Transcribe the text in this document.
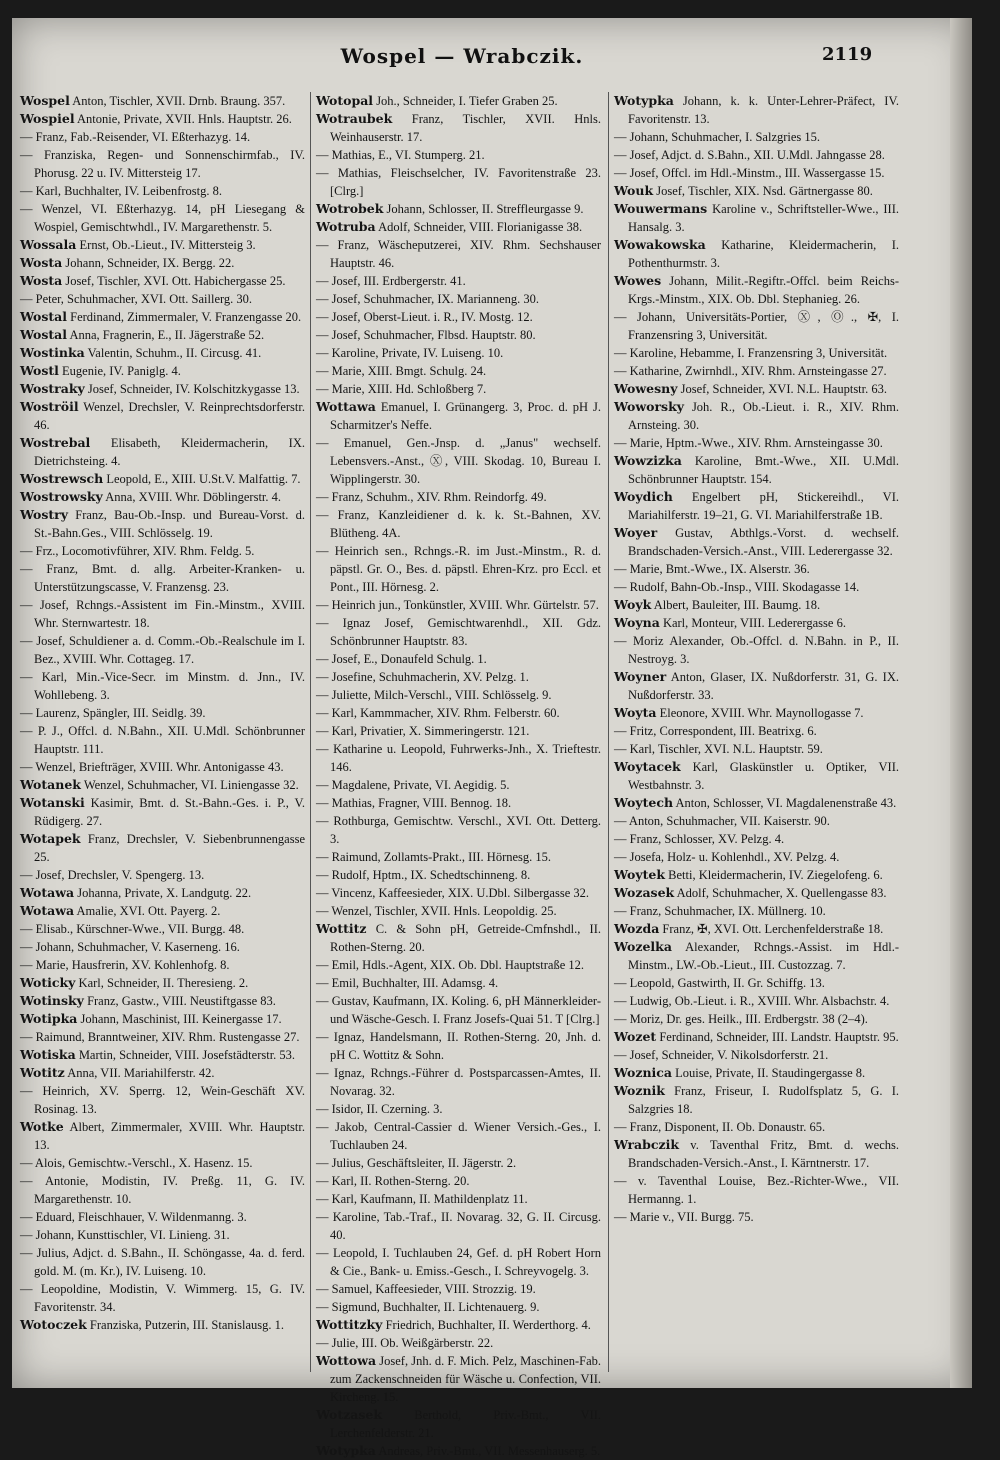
Wospel — Wrabczik.	2119
Wospel Anton, Tischler, XVII. Drnb. Braung. 357.
Wospiel Antonie, Private, XVII. Hnls. Hauptstr. 26.
— Franz, Fab.-Reisender, VI. Eßterhazyg. 14.
— Franziska, Regen- und Sonnenschirmfab., IV. Phorusg. 22 u. IV. Mittersteig 17.
— Karl, Buchhalter, IV. Leibenfrostg. 8.
— Wenzel, VI. Eßterhazyg. 14, pH Liesegang & Wospiel, Gemischtwhdl., IV. Margarethenstr. 5.
Wossala Ernst, Ob.-Lieut., IV. Mittersteig 3.
Wosta Johann, Schneider, IX. Bergg. 22.
Wosta Josef, Tischler, XVI. Ott. Habichergasse 25.
— Peter, Schuhmacher, XVI. Ott. Saillerg. 30.
Wostal Ferdinand, Zimmermaler, V. Franzengasse 20.
Wostal Anna, Fragnerin, E., II. Jägerstraße 52.
Wostinka Valentin, Schuhm., II. Circusg. 41.
Wostl Eugenie, IV. Paniglg. 4.
Wostraky Josef, Schneider, IV. Kolschitzkygasse 13.
Woströil Wenzel, Drechsler, V. Reinprechtsdorferstr. 46.
Wostrebal Elisabeth, Kleidermacherin, IX. Dietrichsteing. 4.
Wostrewsch Leopold, E., XIII. U.St.V. Malfattig. 7.
Wostrowsky Anna, XVIII. Whr. Döblingerstr. 4.
Wostry Franz, Bau-Ob.-Insp. und Bureau-Vorst. d. St.-Bahn.Ges., VIII. Schlösselg. 19.
— Frz., Locomotivführer, XIV. Rhm. Feldg. 5.
— Franz, Bmt. d. allg. Arbeiter-Kranken- u. Unterstützungscasse, V. Franzensg. 23.
— Josef, Rchngs.-Assistent im Fin.-Minstm., XVIII. Whr. Sternwartestr. 18.
— Josef, Schuldiener a. d. Comm.-Ob.-Realschule im I. Bez., XVIII. Whr. Cottageg. 17.
— Karl, Min.-Vice-Secr. im Minstm. d. Jnn., IV. Wohllebeng. 3.
— Laurenz, Spängler, III. Seidlg. 39.
— P. J., Offcl. d. N.Bahn., XII. U.Mdl. Schönbrunner Hauptstr. 111.
— Wenzel, Briefträger, XVIII. Whr. Antonigasse 43.
Wotanek Wenzel, Schuhmacher, VI. Liniengasse 32.
Wotanski Kasimir, Bmt. d. St.-Bahn.-Ges. i. P., V. Rüdigerg. 27.
Wotapek Franz, Drechsler, V. Siebenbrunnengasse 25.
— Josef, Drechsler, V. Spengerg. 13.
Wotawa Johanna, Private, X. Landgutg. 22.
Wotawa Amalie, XVI. Ott. Payerg. 2.
— Elisab., Kürschner-Wwe., VII. Burgg. 48.
— Johann, Schuhmacher, V. Kaserneng. 16.
— Marie, Hausfrerin, XV. Kohlenhofg. 8.
Woticky Karl, Schneider, II. Theresieng. 2.
Wotinsky Franz, Gastw., VIII. Neustiftgasse 83.
Wotipka Johann, Maschinist, III. Keinergasse 17.
— Raimund, Branntweiner, XIV. Rhm. Rustengasse 27.
Wotiska Martin, Schneider, VIII. Josefstädterstr. 53.
Wotitz Anna, VII. Mariahilferstr. 42.
— Heinrich, XV. Sperrg. 12, Wein-Geschäft XV. Rosinag. 13.
Wotke Albert, Zimmermaler, XVIII. Whr. Hauptstr. 13.
— Alois, Gemischtw.-Verschl., X. Hasenz. 15.
— Antonie, Modistin, IV. Preßg. 11, G. IV. Margarethenstr. 10.
— Eduard, Fleischhauer, V. Wildenmanng. 3.
— Johann, Kunsttischler, VI. Linieng. 31.
— Julius, Adjct. d. S.Bahn., II. Schöngasse, 4a. d. ferd. gold. M. (m. Kr.), IV. Luiseng. 10.
— Leopoldine, Modistin, V. Wimmerg. 15, G. IV. Favoritenstr. 34.
Wotoczek Franziska, Putzerin, III. Stanislausg. 1.
Wotopal Joh., Schneider, I. Tiefer Graben 25.
Wotraubek Franz, Tischler, XVII. Hnls. Weinhauserstr. 17.
— Mathias, E., VI. Stumperg. 21.
— Mathias, Fleischselcher, IV. Favoritenstraße 23. [Clrg.]
Wotrobek Johann, Schlosser, II. Streffleurgasse 9.
Wotruba Adolf, Schneider, VIII. Florianigasse 38.
— Franz, Wäscheputzerei, XIV. Rhm. Sechshauser Hauptstr. 46.
— Josef, III. Erdbergerstr. 41.
— Josef, Schuhmacher, IX. Marianneng. 30.
— Josef, Oberst-Lieut. i. R., IV. Mostg. 12.
— Josef, Schuhmacher, Flbsd. Hauptstr. 80.
— Karoline, Private, IV. Luiseng. 10.
— Marie, XIII. Bmgt. Schulg. 24.
— Marie, XIII. Hd. Schloßberg 7.
Wottawa Emanuel, I. Grünangerg. 3, Proc. d. pH J. Scharmitzer's Neffe.
— Emanuel, Gen.-Jnsp. d. „Janus" wechself. Lebensvers.-Anst., Ⓧ, VIII. Skodag. 10, Bureau I. Wipplingerstr. 30.
— Franz, Schuhm., XIV. Rhm. Reindorfg. 49.
— Franz, Kanzleidiener d. k. k. St.-Bahnen, XV. Blütheng. 4A.
— Heinrich sen., Rchngs.-R. im Just.-Minstm., R. d. päpstl. Gr. O., Bes. d. päpstl. Ehren-Krz. pro Eccl. et Pont., III. Hörnesg. 2.
— Heinrich jun., Tonkünstler, XVIII. Whr. Gürtelstr. 57.
— Ignaz Josef, Gemischtwarenhdl., XII. Gdz. Schönbrunner Hauptstr. 83.
— Josef, E., Donaufeld Schulg. 1.
— Josefine, Schuhmacherin, XV. Pelzg. 1.
— Juliette, Milch-Verschl., VIII. Schlösselg. 9.
— Karl, Kammmacher, XIV. Rhm. Felberstr. 60.
— Karl, Privatier, X. Simmeringerstr. 121.
— Katharine u. Leopold, Fuhrwerks-Jnh., X. Trieftestr. 146.
— Magdalene, Private, VI. Aegidig. 5.
— Mathias, Fragner, VIII. Bennog. 18.
— Rothburga, Gemischtw. Verschl., XVI. Ott. Detterg. 3.
— Raimund, Zollamts-Prakt., III. Hörnesg. 15.
— Rudolf, Hptm., IX. Schedtschinneng. 8.
— Vincenz, Kaffeesieder, XIX. U.Dbl. Silbergasse 32.
— Wenzel, Tischler, XVII. Hnls. Leopoldig. 25.
Wottitz C. & Sohn pH, Getreide-Cmfnshdl., II. Rothen-Sterng. 20.
— Emil, Hdls.-Agent, XIX. Ob. Dbl. Hauptstraße 12.
— Emil, Buchhalter, III. Adamsg. 4.
— Gustav, Kaufmann, IX. Koling. 6, pH Männerkleider- und Wäsche-Gesch. I. Franz Josefs-Quai 51. T [Clrg.]
— Ignaz, Handelsmann, II. Rothen-Sterng. 20, Jnh. d. pH C. Wottitz & Sohn.
— Ignaz, Rchngs.-Führer d. Postsparcassen-Amtes, II. Novarag. 32.
— Isidor, II. Czerning. 3.
— Jakob, Central-Cassier d. Wiener Versich.-Ges., I. Tuchlauben 24.
— Julius, Geschäftsleiter, II. Jägerstr. 2.
— Karl, II. Rothen-Sterng. 20.
— Karl, Kaufmann, II. Mathildenplatz 11.
— Karoline, Tab.-Traf., II. Novarag. 32, G. II. Circusg. 40.
— Leopold, I. Tuchlauben 24, Gef. d. pH Robert Horn & Cie., Bank- u. Emiss.-Gesch., I. Schreyvogelg. 3.
— Samuel, Kaffeesieder, VIII. Strozzig. 19.
— Sigmund, Buchhalter, II. Lichtenauerg. 9.
Wottitzky Friedrich, Buchhalter, II. Werderthorg. 4.
— Julie, III. Ob. Weißgärberstr. 22.
Wottowa Josef, Jnh. d. F. Mich. Pelz, Maschinen-Fab. zum Zackenschneiden für Wäsche u. Confection, VII. Kircheng. 15.
Wotzasek Berthold, Priv.-Bmt., VII. Lerchenfelderstr. 21.
Wotypka Andreas, Priv.-Bmt., VII. Messenhauserg. 5.
Wotypka Johann, k. k. Unter-Lehrer-Präfect, IV. Favoritenstr. 13.
— Johann, Schuhmacher, I. Salzgries 15.
— Josef, Adjct. d. S.Bahn., XII. U.Mdl. Jahngasse 28.
— Josef, Offcl. im Hdl.-Minstm., III. Wassergasse 15.
Wouk Josef, Tischler, XIX. Nsd. Gärtnergasse 80.
Wouwermans Karoline v., Schriftsteller-Wwe., III. Hansalg. 3.
Wowakowska Katharine, Kleidermacherin, I. Pothenthurmstr. 3.
Wowes Johann, Milit.-Regiftr.-Offcl. beim Reichs-Krgs.-Minstm., XIX. Ob. Dbl. Stephanieg. 26.
— Johann, Universitäts-Portier, Ⓧ, Ⓞ., ✠, I. Franzensring 3, Universität.
— Karoline, Hebamme, I. Franzensring 3, Universität.
— Katharine, Zwirnhdl., XIV. Rhm. Arnsteingasse 27.
Wowesny Josef, Schneider, XVI. N.L. Hauptstr. 63.
Woworsky Joh. R., Ob.-Lieut. i. R., XIV. Rhm. Arnsteing. 30.
— Marie, Hptm.-Wwe., XIV. Rhm. Arnsteingasse 30.
Wowzizka Karoline, Bmt.-Wwe., XII. U.Mdl. Schönbrunner Hauptstr. 154.
Woydich Engelbert pH, Stickereihdl., VI. Mariahilferstr. 19–21, G. VI. Mariahilferstraße 1B.
Woyer Gustav, Abthlgs.-Vorst. d. wechself. Brandschaden-Versich.-Anst., VIII. Lederergasse 32.
— Marie, Bmt.-Wwe., IX. Alserstr. 36.
— Rudolf, Bahn-Ob.-Insp., VIII. Skodagasse 14.
Woyk Albert, Bauleiter, III. Baumg. 18.
Woyna Karl, Monteur, VIII. Lederergasse 6.
— Moriz Alexander, Ob.-Offcl. d. N.Bahn. in P., II. Nestroyg. 3.
Woyner Anton, Glaser, IX. Nußdorferstr. 31, G. IX. Nußdorferstr. 33.
Woyta Eleonore, XVIII. Whr. Maynollogasse 7.
— Fritz, Correspondent, III. Beatrixg. 6.
— Karl, Tischler, XVI. N.L. Hauptstr. 59.
Woytacek Karl, Glaskünstler u. Optiker, VII. Westbahnstr. 3.
Woytech Anton, Schlosser, VI. Magdalenenstraße 43.
— Anton, Schuhmacher, VII. Kaiserstr. 90.
— Franz, Schlosser, XV. Pelzg. 4.
— Josefa, Holz- u. Kohlenhdl., XV. Pelzg. 4.
Woytek Betti, Kleidermacherin, IV. Ziegelofeng. 6.
Wozasek Adolf, Schuhmacher, X. Quellengasse 83.
— Franz, Schuhmacher, IX. Müllnerg. 10.
Wozda Franz, ✠, XVI. Ott. Lerchenfelderstraße 18.
Wozelka Alexander, Rchngs.-Assist. im Hdl.-Minstm., LW.-Ob.-Lieut., III. Custozzag. 7.
— Leopold, Gastwirth, II. Gr. Schiffg. 13.
— Ludwig, Ob.-Lieut. i. R., XVIII. Whr. Alsbachstr. 4.
— Moriz, Dr. ges. Heilk., III. Erdbergstr. 38 (2–4).
Wozet Ferdinand, Schneider, III. Landstr. Hauptstr. 95.
— Josef, Schneider, V. Nikolsdorferstr. 21.
Woznica Louise, Private, II. Staudingergasse 8.
Woznik Franz, Friseur, I. Rudolfsplatz 5, G. I. Salzgries 18.
— Franz, Disponent, II. Ob. Donaustr. 65.
Wrabczik v. Taventhal Fritz, Bmt. d. wechs. Brandschaden-Versich.-Anst., I. Kärntnerstr. 17.
— v. Taventhal Louise, Bez.-Richter-Wwe., VII. Hermanng. 1.
— Marie v., VII. Burgg. 75.
